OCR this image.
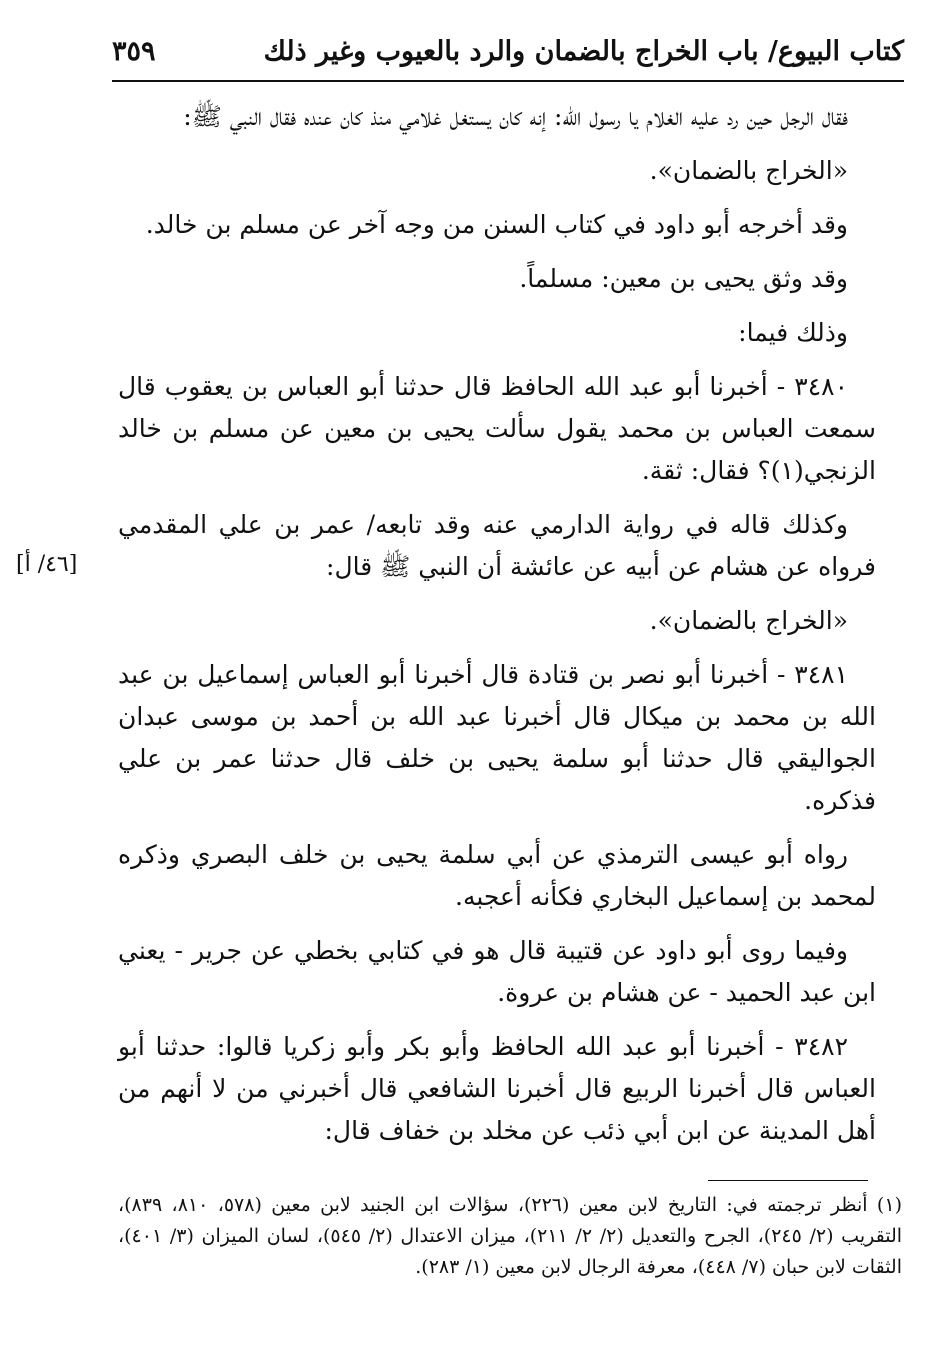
كتاب البيوع/ باب الخراج بالضمان والرد بالعيوب وغير ذلك
٣٥٩
[٤٦/ أ]

فقال الرجل حين رد عليه الغلام يا رسول الله: إنه كان يستغل غلامي منذ كان عنده فقال النبي ﷺ:

«الخراج بالضمان».

وقد أخرجه أبو داود في كتاب السنن من وجه آخر عن مسلم بن خالد.

وقد وثق يحيى بن معين: مسلماً.

وذلك فيما:

٣٤٨٠ - أخبرنا أبو عبد الله الحافظ قال حدثنا أبو العباس بن يعقوب قال سمعت العباس بن محمد يقول سألت يحيى بن معين عن مسلم بن خالد الزنجي(١)؟ فقال: ثقة.

وكذلك قاله في رواية الدارمي عنه وقد تابعه/ عمر بن علي المقدمي فرواه عن هشام عن أبيه عن عائشة أن النبي ﷺ قال:

«الخراج بالضمان».

٣٤٨١ - أخبرنا أبو نصر بن قتادة قال أخبرنا أبو العباس إسماعيل بن عبد الله بن محمد بن ميكال قال أخبرنا عبد الله بن أحمد بن موسى عبدان الجواليقي قال حدثنا أبو سلمة يحيى بن خلف قال حدثنا عمر بن علي فذكره.

رواه أبو عيسى الترمذي عن أبي سلمة يحيى بن خلف البصري وذكره لمحمد بن إسماعيل البخاري فكأنه أعجبه.

وفيما روى أبو داود عن قتيبة قال هو في كتابي بخطي عن جرير - يعني ابن عبد الحميد - عن هشام بن عروة.

٣٤٨٢ - أخبرنا أبو عبد الله الحافظ وأبو بكر وأبو زكريا قالوا: حدثنا أبو العباس قال أخبرنا الربيع قال أخبرنا الشافعي قال أخبرني من لا أنهم من أهل المدينة عن ابن أبي ذئب عن مخلد بن خفاف قال:

(١) أنظر ترجمته في: التاريخ لابن معين (٢٢٦)، سؤالات ابن الجنيد لابن معين (٥٧٨، ٨١٠، ٨٣٩)، التقريب (٢/ ٢٤٥)، الجرح والتعديل (٢/ ٢/ ٢١١)، ميزان الاعتدال (٢/ ٥٤٥)، لسان الميزان (٣/ ٤٠١)، الثقات لابن حبان (٧/ ٤٤٨)، معرفة الرجال لابن معين (١/ ٢٨٣).
